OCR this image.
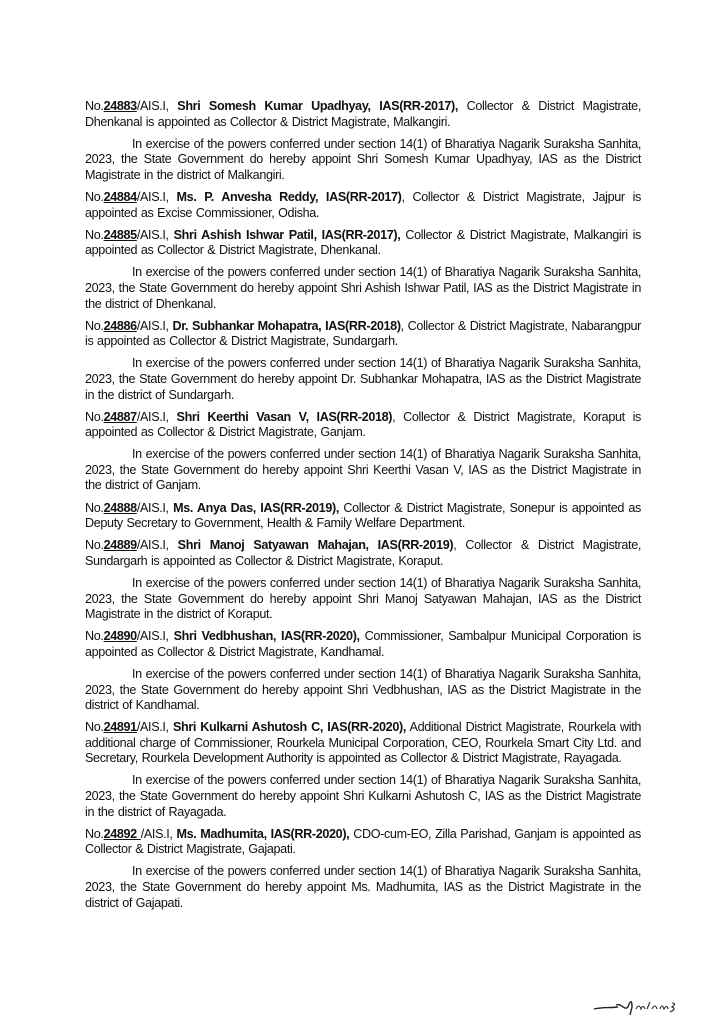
No.24883/AIS.I, Shri Somesh Kumar Upadhyay, IAS(RR-2017), Collector & District Magistrate, Dhenkanal is appointed as Collector & District Magistrate, Malkangiri.

In exercise of the powers conferred under section 14(1) of Bharatiya Nagarik Suraksha Sanhita, 2023, the State Government do hereby appoint Shri Somesh Kumar Upadhyay, IAS as the District Magistrate in the district of Malkangiri.

No.24884/AIS.I, Ms. P. Anvesha Reddy, IAS(RR-2017), Collector & District Magistrate, Jajpur is appointed as Excise Commissioner, Odisha.

No.24885/AIS.I, Shri Ashish Ishwar Patil, IAS(RR-2017), Collector & District Magistrate, Malkangiri is appointed as Collector & District Magistrate, Dhenkanal.

In exercise of the powers conferred under section 14(1) of Bharatiya Nagarik Suraksha Sanhita, 2023, the State Government do hereby appoint Shri Ashish Ishwar Patil, IAS as the District Magistrate in the district of Dhenkanal.

No.24886/AIS.I, Dr. Subhankar Mohapatra, IAS(RR-2018), Collector & District Magistrate, Nabarangpur is appointed as Collector & District Magistrate, Sundargarh.

In exercise of the powers conferred under section 14(1) of Bharatiya Nagarik Suraksha Sanhita, 2023, the State Government do hereby appoint Dr. Subhankar Mohapatra, IAS as the District Magistrate in the district of Sundargarh.

No.24887/AIS.I, Shri Keerthi Vasan V, IAS(RR-2018), Collector & District Magistrate, Koraput is appointed as Collector & District Magistrate, Ganjam.

In exercise of the powers conferred under section 14(1) of Bharatiya Nagarik Suraksha Sanhita, 2023, the State Government do hereby appoint Shri Keerthi Vasan V, IAS as the District Magistrate in the district of Ganjam.

No.24888/AIS.I, Ms. Anya Das, IAS(RR-2019), Collector & District Magistrate, Sonepur is appointed as Deputy Secretary to Government, Health & Family Welfare Department.

No.24889/AIS.I, Shri Manoj Satyawan Mahajan, IAS(RR-2019), Collector & District Magistrate, Sundargarh is appointed as Collector & District Magistrate, Koraput.

In exercise of the powers conferred under section 14(1) of Bharatiya Nagarik Suraksha Sanhita, 2023, the State Government do hereby appoint Shri Manoj Satyawan Mahajan, IAS as the District Magistrate in the district of Koraput.

No.24890/AIS.I, Shri Vedbhushan, IAS(RR-2020), Commissioner, Sambalpur Municipal Corporation is appointed as Collector & District Magistrate, Kandhamal.

In exercise of the powers conferred under section 14(1) of Bharatiya Nagarik Suraksha Sanhita, 2023, the State Government do hereby appoint Shri Vedbhushan, IAS as the District Magistrate in the district of Kandhamal.

No.24891/AIS.I, Shri Kulkarni Ashutosh C, IAS(RR-2020), Additional District Magistrate, Rourkela with additional charge of Commissioner, Rourkela Municipal Corporation, CEO, Rourkela Smart City Ltd. and Secretary, Rourkela Development Authority is appointed as Collector & District Magistrate, Rayagada.

In exercise of the powers conferred under section 14(1) of Bharatiya Nagarik Suraksha Sanhita, 2023, the State Government do hereby appoint Shri Kulkarni Ashutosh C, IAS as the District Magistrate in the district of Rayagada.

No.24892 /AIS.I, Ms. Madhumita, IAS(RR-2020), CDO-cum-EO, Zilla Parishad, Ganjam is appointed as Collector & District Magistrate, Gajapati.

In exercise of the powers conferred under section 14(1) of Bharatiya Nagarik Suraksha Sanhita, 2023, the State Government do hereby appoint Ms. Madhumita, IAS as the District Magistrate in the district of Gajapati.
